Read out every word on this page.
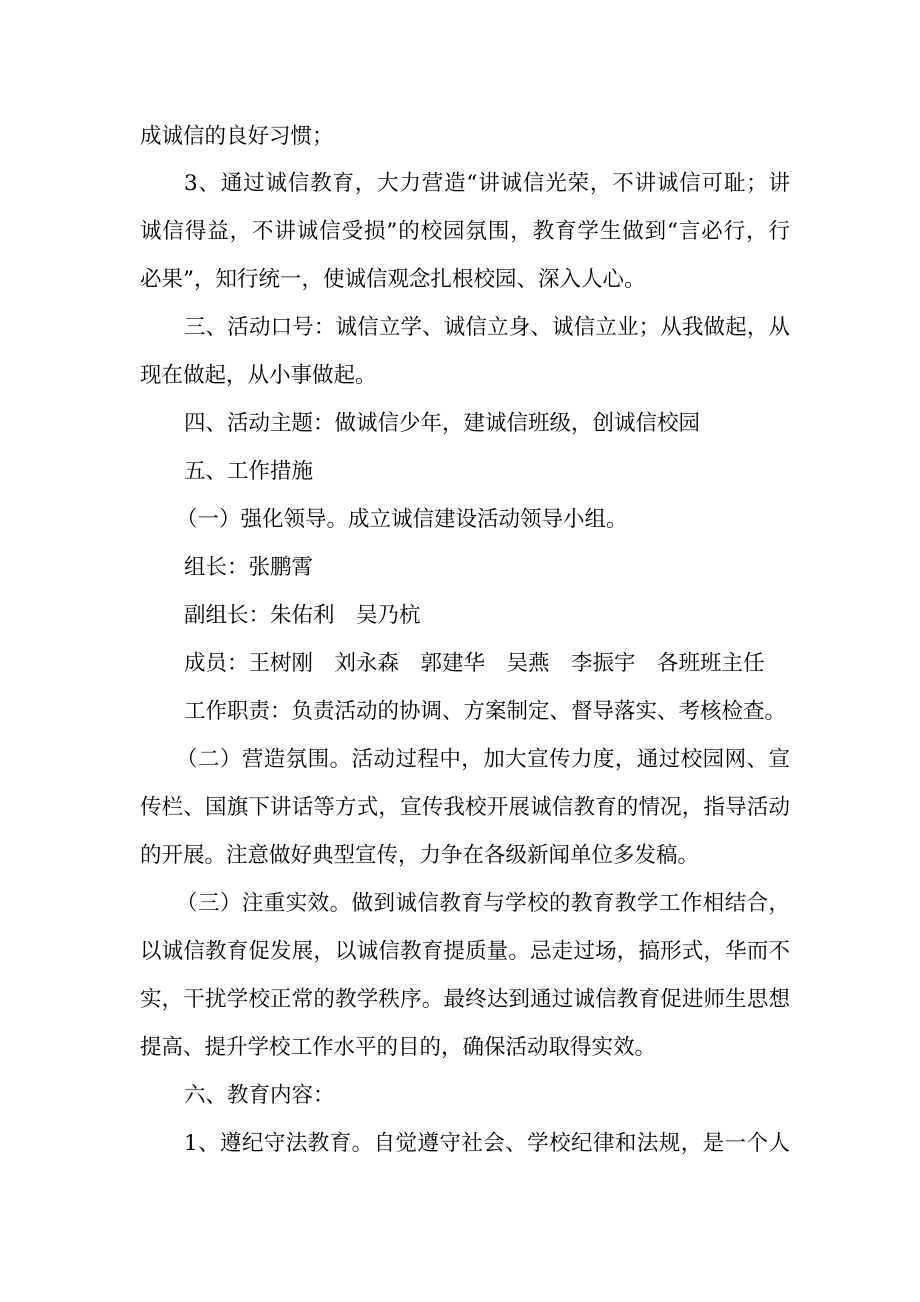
成诚信的良好习惯；
3、通过诚信教育，大力营造“讲诚信光荣，不讲诚信可耻；讲
诚信得益，不讲诚信受损”的校园氛围，教育学生做到“言必行，行
必果”，知行统一，使诚信观念扎根校园、深入人心。
三、活动口号：诚信立学、诚信立身、诚信立业；从我做起，从
现在做起，从小事做起。
四、活动主题：做诚信少年，建诚信班级，创诚信校园
五、工作措施
（一）强化领导。成立诚信建设活动领导小组。
组长：张鹏霄
副组长：朱佑利　吴乃杭
成员：王树刚　刘永森　郭建华　吴燕　李振宇　各班班主任
工作职责：负责活动的协调、方案制定、督导落实、考核检查。
（二）营造氛围。活动过程中，加大宣传力度，通过校园网、宣
传栏、国旗下讲话等方式，宣传我校开展诚信教育的情况，指导活动
的开展。注意做好典型宣传，力争在各级新闻单位多发稿。
（三）注重实效。做到诚信教育与学校的教育教学工作相结合，
以诚信教育促发展，以诚信教育提质量。忌走过场，搞形式，华而不
实，干扰学校正常的教学秩序。最终达到通过诚信教育促进师生思想
提高、提升学校工作水平的目的，确保活动取得实效。
六、教育内容：
1、遵纪守法教育。自觉遵守社会、学校纪律和法规，是一个人
